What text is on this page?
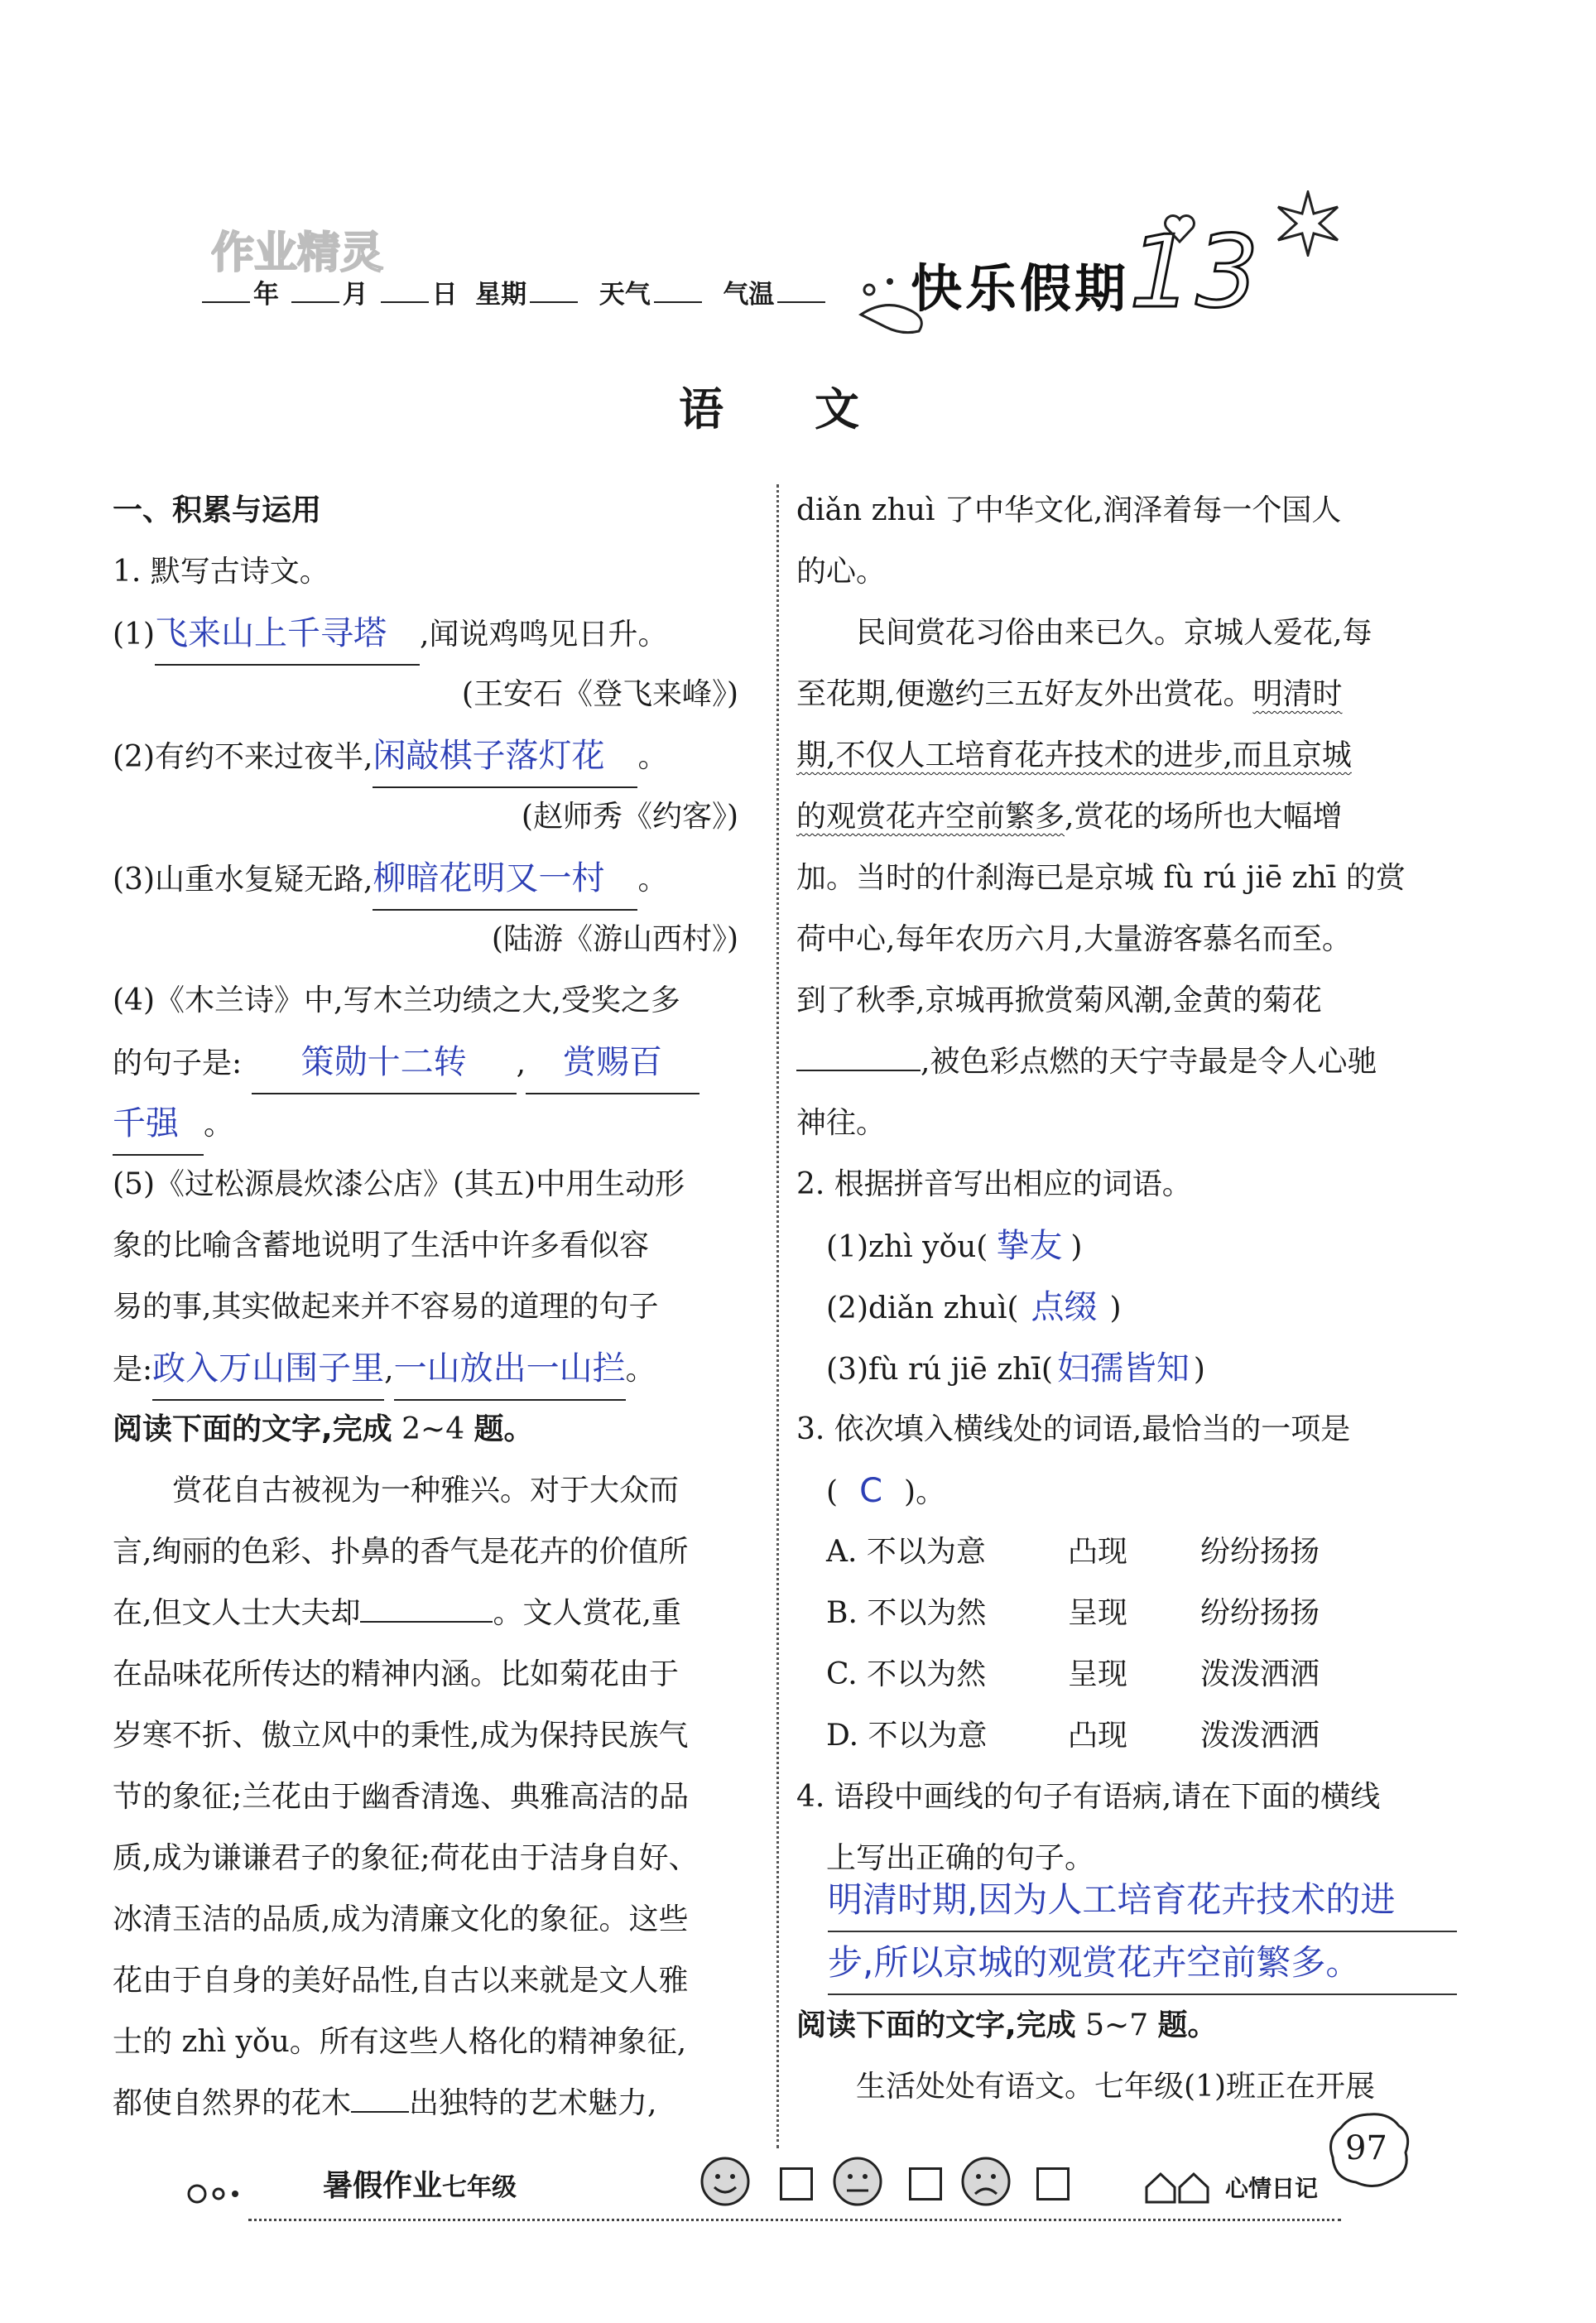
作业精灵
年 月 日 星期	天气	气温	快乐假期13
语文
一、积累与运用
1. 默写古诗文。
(1)飞来山上千寻塔 ,闻说鸡鸣见日升。
(王安石《登飞来峰》)
(2)有约不来过夜半,闲敲棋子落灯花 。
(赵师秀《约客》)
(3)山重水复疑无路,柳暗花明又一村 。
(陆游《游山西村》)
(4)《木兰诗》中,写木兰功绩之大,受奖之多
的句子是: 策勋十二转 , 赏赐百
千强 。
(5)《过松源晨炊漆公店》(其五)中用生动形
象的比喻含蓄地说明了生活中许多看似容
易的事,其实做起来并不容易的道理的句子
是:政入万山围子里,一山放出一山拦。
阅读下面的文字,完成 2~4 题。
赏花自古被视为一种雅兴。对于大众而
言,绚丽的色彩、扑鼻的香气是花卉的价值所
在,但文人士大夫却	。文人赏花,重
在品味花所传达的精神内涵。比如菊花由于
岁寒不折、傲立风中的秉性,成为保持民族气
节的象征;兰花由于幽香清逸、典雅高洁的品
质,成为谦谦君子的象征;荷花由于洁身自好、
冰清玉洁的品质,成为清廉文化的象征。这些
花由于自身的美好品性,自古以来就是文人雅
士的 zhì yǒu。所有这些人格化的精神象征,
都使自然界的花木 出独特的艺术魅力,
diǎn zhuì 了中华文化,润泽着每一个国人
的心。
民间赏花习俗由来已久。京城人爱花,每
至花期,便邀约三五好友外出赏花。明清时
期,不仅人工培育花卉技术的进步,而且京城
的观赏花卉空前繁多,赏花的场所也大幅增
加。当时的什刹海已是京城 fù rú jiē zhī 的赏
荷中心,每年农历六月,大量游客慕名而至。
到了秋季,京城再掀赏菊风潮,金黄的菊花
,被色彩点燃的天宁寺最是令人心驰
神往。
2. 根据拼音写出相应的词语。
(1)zhì yǒu( 挚友 )
(2)diǎn zhuì( 点缀 )
(3)fù rú jiē zhī( 妇孺皆知 )
3. 依次填入横线处的词语,最恰当的一项是
( C )。
A. 不以为意	凸现 纷纷扬扬
B. 不以为然	呈现 纷纷扬扬
C. 不以为然	呈现 泼泼洒洒
D. 不以为意	凸现 泼泼洒洒
4. 语段中画线的句子有语病,请在下面的横线
上写出正确的句子。
明清时期,因为人工培育花卉技术的进
步,所以京城的观赏花卉空前繁多。
阅读下面的文字,完成 5~7 题。
生活处处有语文。七年级(1)班正在开展
暑假作业七年级	心情日记
97
